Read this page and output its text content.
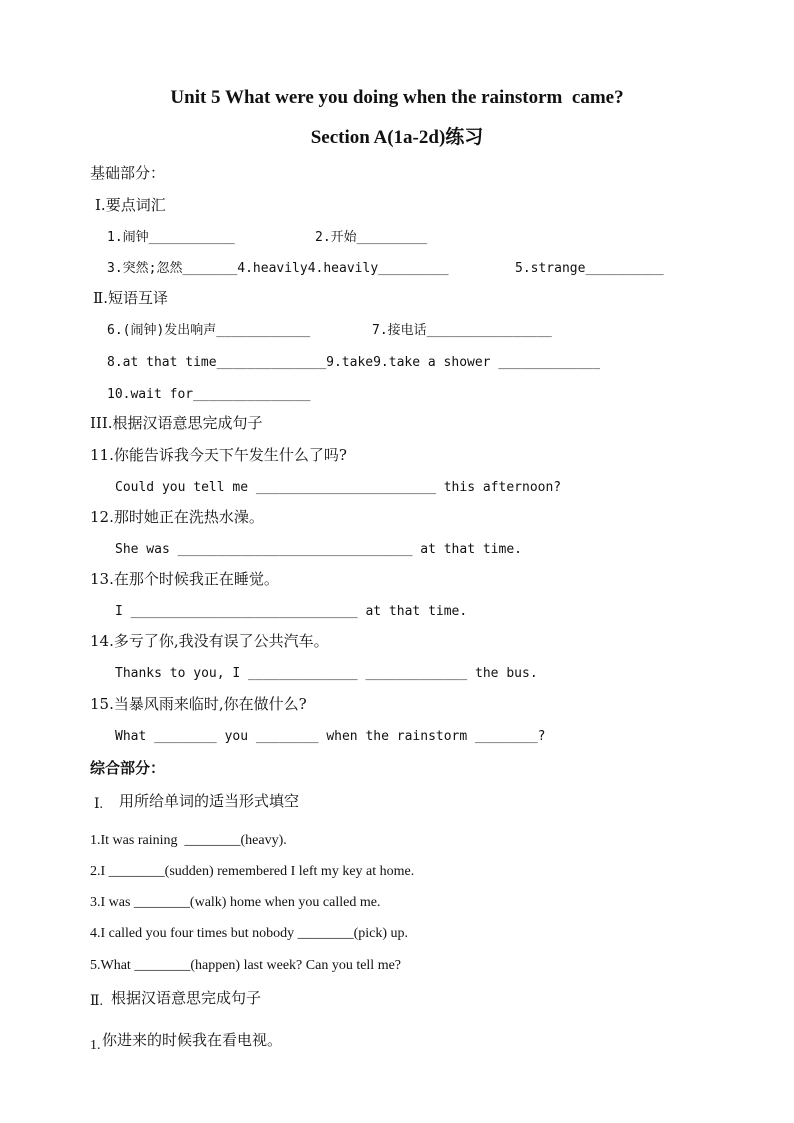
Unit 5 What were you doing when the rainstorm  came?
Section A(1a-2d)练习
基础部分：
Ⅰ.要点词汇
1.闹钟___________	2.开始_________
3.突然;忽然_______4.heavily4.heavily_________	5.strange__________
Ⅱ.短语互译
6.(闹钟)发出响声____________	7.接电话________________
8.at that time______________9.take9.take a shower _____________
10.wait for_______________
III.根据汉语意思完成句子
11.你能告诉我今天下午发生什么了吗?
Could you tell me _______________________ this afternoon?
12.那时她正在洗热水澡。
She was ______________________________ at that time.
13.在那个时候我正在睡觉。
I _____________________________ at that time.
14.多亏了你,我没有误了公共汽车。
Thanks to you, I ______________ _____________ the bus.
15.当暴风雨来临时,你在做什么?
What ________ you ________ when the rainstorm ________?
综合部分：
Ⅰ. 用所给单词的适当形式填空
1.It was raining  ________(heavy).
2.I ________(sudden) remembered I left my key at home.
3.I was ________(walk) home when you called me.
4.I called you four times but nobody ________(pick) up.
5.What ________(happen) last week? Can you tell me?
Ⅱ. 根据汉语意思完成句子
1. 你进来的时候我在看电视。
